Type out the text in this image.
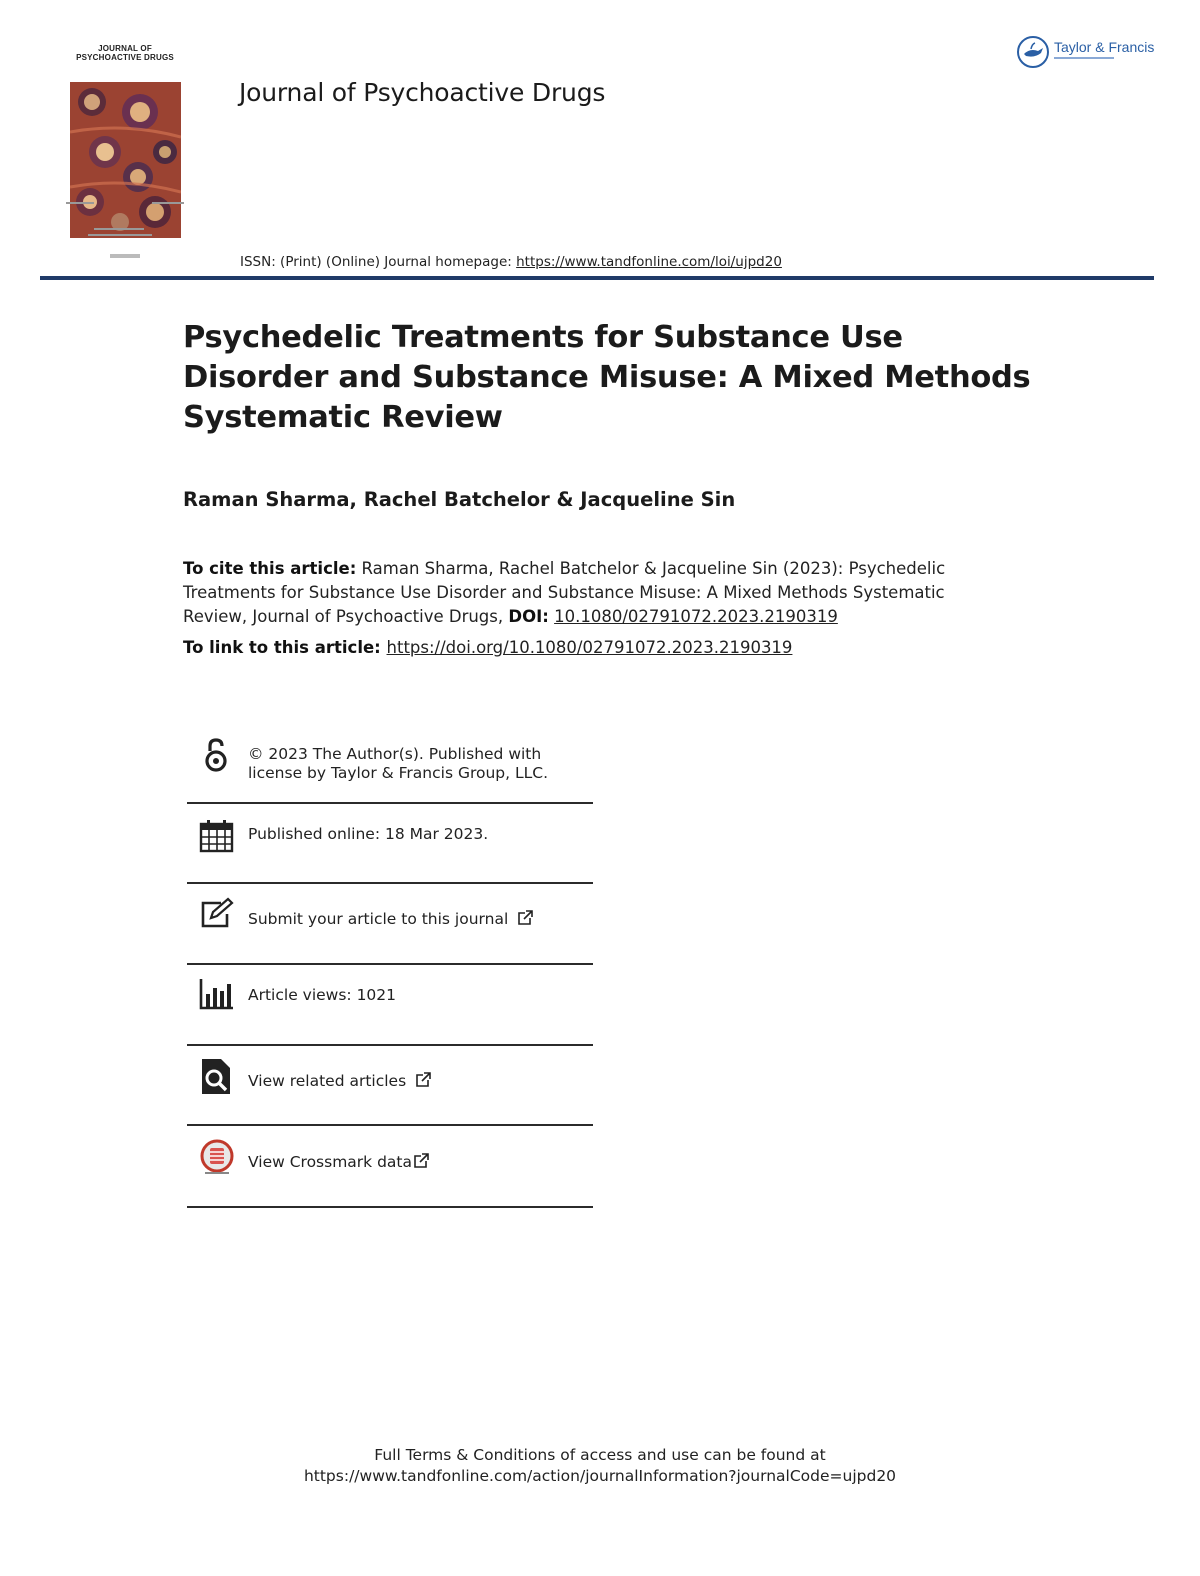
JOURNAL OF
PSYCHOACTIVE DRUGS
Journal of Psychoactive Drugs
Taylor & Francis
ISSN: (Print) (Online) Journal homepage: https://www.tandfonline.com/loi/ujpd20
Psychedelic Treatments for Substance Use
Disorder and Substance Misuse: A Mixed Methods
Systematic Review
Raman Sharma, Rachel Batchelor & Jacqueline Sin
To cite this article: Raman Sharma, Rachel Batchelor & Jacqueline Sin (2023): Psychedelic
Treatments for Substance Use Disorder and Substance Misuse: A Mixed Methods Systematic
Review, Journal of Psychoactive Drugs, DOI: 10.1080/02791072.2023.2190319
To link to this article: https://doi.org/10.1080/02791072.2023.2190319
© 2023 The Author(s). Published with
license by Taylor & Francis Group, LLC.
Published online: 18 Mar 2023.
Submit your article to this journal
Article views: 1021
View related articles
View Crossmark data
Full Terms & Conditions of access and use can be found at
https://www.tandfonline.com/action/journalInformation?journalCode=ujpd20
